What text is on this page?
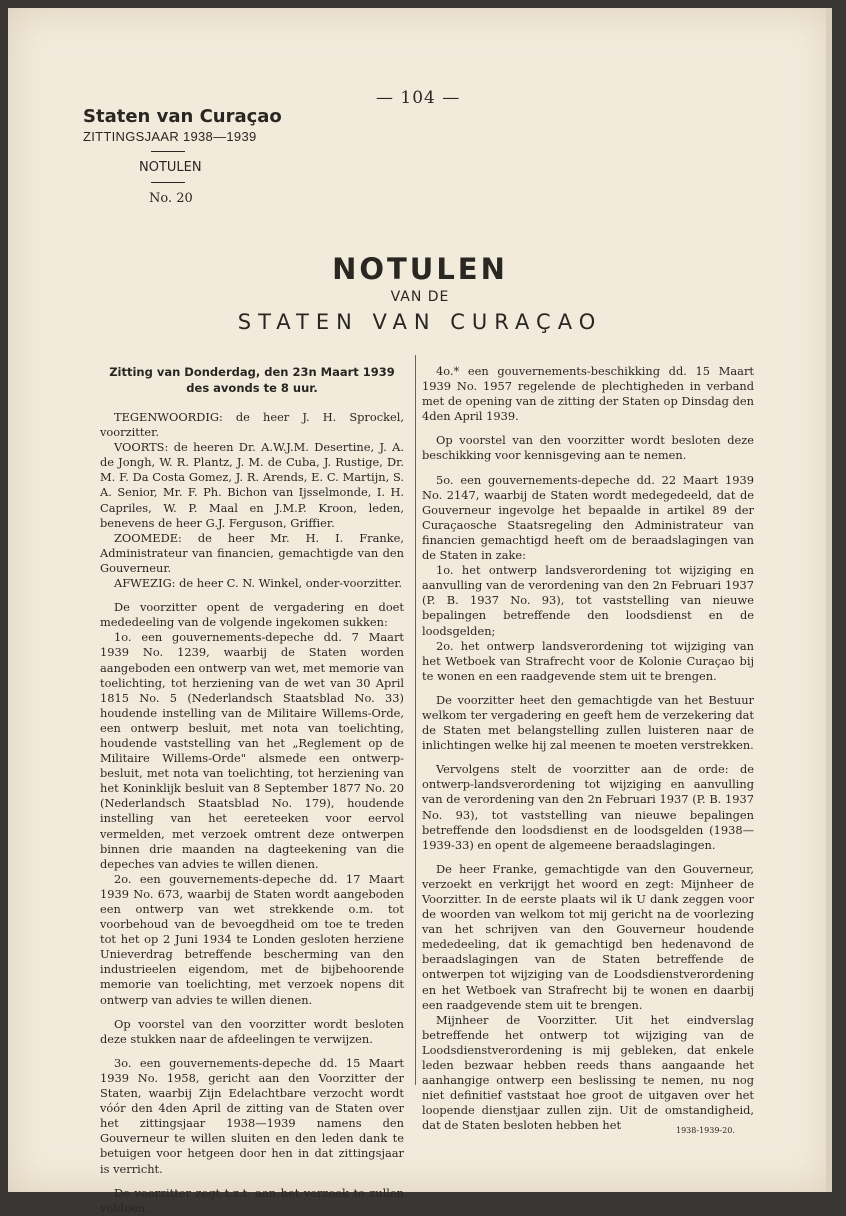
— 104 —
Staten van Curaçao
ZITTINGSJAAR 1938—1939
NOTULEN
No. 20
NOTULEN
VAN DE
STATEN VAN CURAÇAO

Zitting van Donderdag, den 23n Maart 1939
des avonds te 8 uur.

TEGENWOORDIG: de heer J. H. Sprockel, voorzitter.

VOORTS: de heeren Dr. A.W.J.M. Desertine, J. A. de Jongh, W. R. Plantz, J. M. de Cuba, J. Rustige, Dr. M. F. Da Costa Gomez, J. R. Arends, E. C. Martijn, S. A. Senior, Mr. F. Ph. Bichon van Ijsselmonde, I. H. Capriles, W. P. Maal en J.M.P. Kroon, leden, benevens de heer G.J. Ferguson, Griffier.

ZOOMEDE: de heer Mr. H. I. Franke, Administrateur van financien, gemachtigde van den Gouverneur.

AFWEZIG: de heer C. N. Winkel, onder-voorzitter.

De voorzitter opent de vergadering en doet mededeeling van de volgende ingekomen sukken:

1o. een gouvernements-depeche dd. 7 Maart 1939 No. 1239, waarbij de Staten worden aangeboden een ontwerp van wet, met memorie van toelichting, tot herziening van de wet van 30 April 1815 No. 5 (Nederlandsch Staatsblad No. 33) houdende instelling van de Militaire Willems-Orde, een ontwerp besluit, met nota van toelichting, houdende vaststelling van het „Reglement op de Militaire Willems-Orde" alsmede een ontwerp-besluit, met nota van toelichting, tot herziening van het Koninklijk besluit van 8 September 1877 No. 20 (Nederlandsch Staatsblad No. 179), houdende instelling van het eereteeken voor eervol vermelden, met verzoek omtrent deze ontwerpen binnen drie maanden na dagteekening van die depeches van advies te willen dienen.

2o. een gouvernements-depeche dd. 17 Maart 1939 No. 673, waarbij de Staten wordt aangeboden een ontwerp van wet strekkende o.m. tot voorbehoud van de bevoegdheid om toe te treden tot het op 2 Juni 1934 te Londen gesloten herziene Unieverdrag betreffende bescherming van den industrieelen eigendom, met de bijbehoorende memorie van toelichting, met verzoek nopens dit ontwerp van advies te willen dienen.

Op voorstel van den voorzitter wordt besloten deze stukken naar de afdeelingen te verwijzen.

3o. een gouvernements-depeche dd. 15 Maart 1939 No. 1958, gericht aan den Voorzitter der Staten, waarbij Zijn Edelachtbare verzocht wordt vóór den 4den April de zitting van de Staten over het zittingsjaar 1938—1939 namens den Gouverneur te willen sluiten en den leden dank te betuigen voor hetgeen door hen in dat zittingsjaar is verricht.

De voorzitter zegt t.z.t. aan het verzoek te zullen voldoen.

4o.* een gouvernements-beschikking dd. 15 Maart 1939 No. 1957 regelende de plechtigheden in verband met de opening van de zitting der Staten op Dinsdag den 4den April 1939.

Op voorstel van den voorzitter wordt besloten deze beschikking voor kennisgeving aan te nemen.

5o. een gouvernements-depeche dd. 22 Maart 1939 No. 2147, waarbij de Staten wordt medegedeeld, dat de Gouverneur ingevolge het bepaalde in artikel 89 der Curaçaosche Staatsregeling den Administrateur van financien gemachtigd heeft om de beraadslagingen van de Staten in zake:

1o. het ontwerp landsverordening tot wijziging en aanvulling van de verordening van den 2n Februari 1937 (P. B. 1937 No. 93), tot vaststelling van nieuwe bepalingen betreffende den loodsdienst en de loodsgelden;

2o. het ontwerp landsverordening tot wijziging van het Wetboek van Strafrecht voor de Kolonie Curaçao bij te wonen en een raadgevende stem uit te brengen.

De voorzitter heet den gemachtigde van het Bestuur welkom ter vergadering en geeft hem de verzekering dat de Staten met belangstelling zullen luisteren naar de inlichtingen welke hij zal meenen te moeten verstrekken.

Vervolgens stelt de voorzitter aan de orde: de ontwerp-landsverordening tot wijziging en aanvulling van de verordening van den 2n Februari 1937 (P. B. 1937 No. 93), tot vaststelling van nieuwe bepalingen betreffende den loodsdienst en de loodsgelden (1938—1939-33) en opent de algemeene beraadslagingen.

De heer Franke, gemachtigde van den Gouverneur, verzoekt en verkrijgt het woord en zegt: Mijnheer de Voorzitter. In de eerste plaats wil ik U dank zeggen voor de woorden van welkom tot mij gericht na de voorlezing van het schrijven van den Gouverneur houdende mededeeling, dat ik gemachtigd ben hedenavond de beraadslagingen van de Staten betreffende de ontwerpen tot wijziging van de Loodsdienstverordening en het Wetboek van Strafrecht bij te wonen en daarbij een raadgevende stem uit te brengen.

Mijnheer de Voorzitter. Uit het eindverslag betreffende het ontwerp tot wijziging van de Loodsdienstverordening is mij gebleken, dat enkele leden bezwaar hebben reeds thans aangaande het aanhangige ontwerp een beslissing te nemen, nu nog niet definitief vaststaat hoe groot de uitgaven over het loopende dienstjaar zullen zijn. Uit de omstandigheid, dat de Staten besloten hebben het	1938-1939-20.
